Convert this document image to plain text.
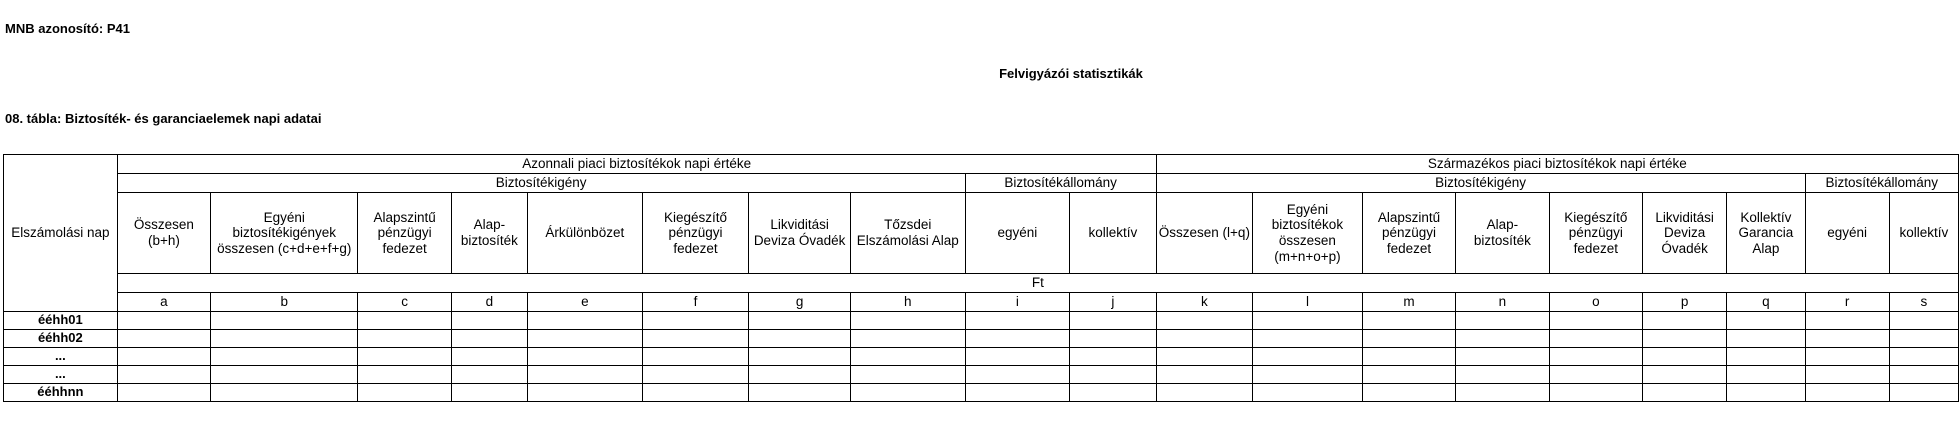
MNB azonosító: P41
Felvigyázói statisztikák
08. tábla: Biztosíték- és garanciaelemek napi adatai
Elszámolási nap	Azonnali piaci biztosítékok napi értéke										Származékos piaci biztosítékok napi értéke								
	Biztosítékigény								Biztosítékállomány		Biztosítékigény							Biztosítékállomány	
	Összesen (b+h)	Egyéni biztosítékigények összesen (c+d+e+f+g)	Alapszintű pénzügyi fedezet	Alap-biztosíték	Árkülönbözet	Kiegészítő pénzügyi fedezet	Likviditási Deviza Óvadék	Tőzsdei Elszámolási Alap	egyéni	kollektív	Összesen (l+q)	Egyéni biztosítékok összesen (m+n+o+p)	Alapszintű pénzügyi fedezet	Alap-biztosíték	Kiegészítő pénzügyi fedezet	Likviditási Deviza Óvadék	Kollektív Garancia Alap	egyéni	kollektív
	Ft																		
	a	b	c	d	e	f	g	h	i	j	k	l	m	n	o	p	q	r	s
ééhh01																			
ééhh02																			
...																			
...																			
ééhhnn																			
